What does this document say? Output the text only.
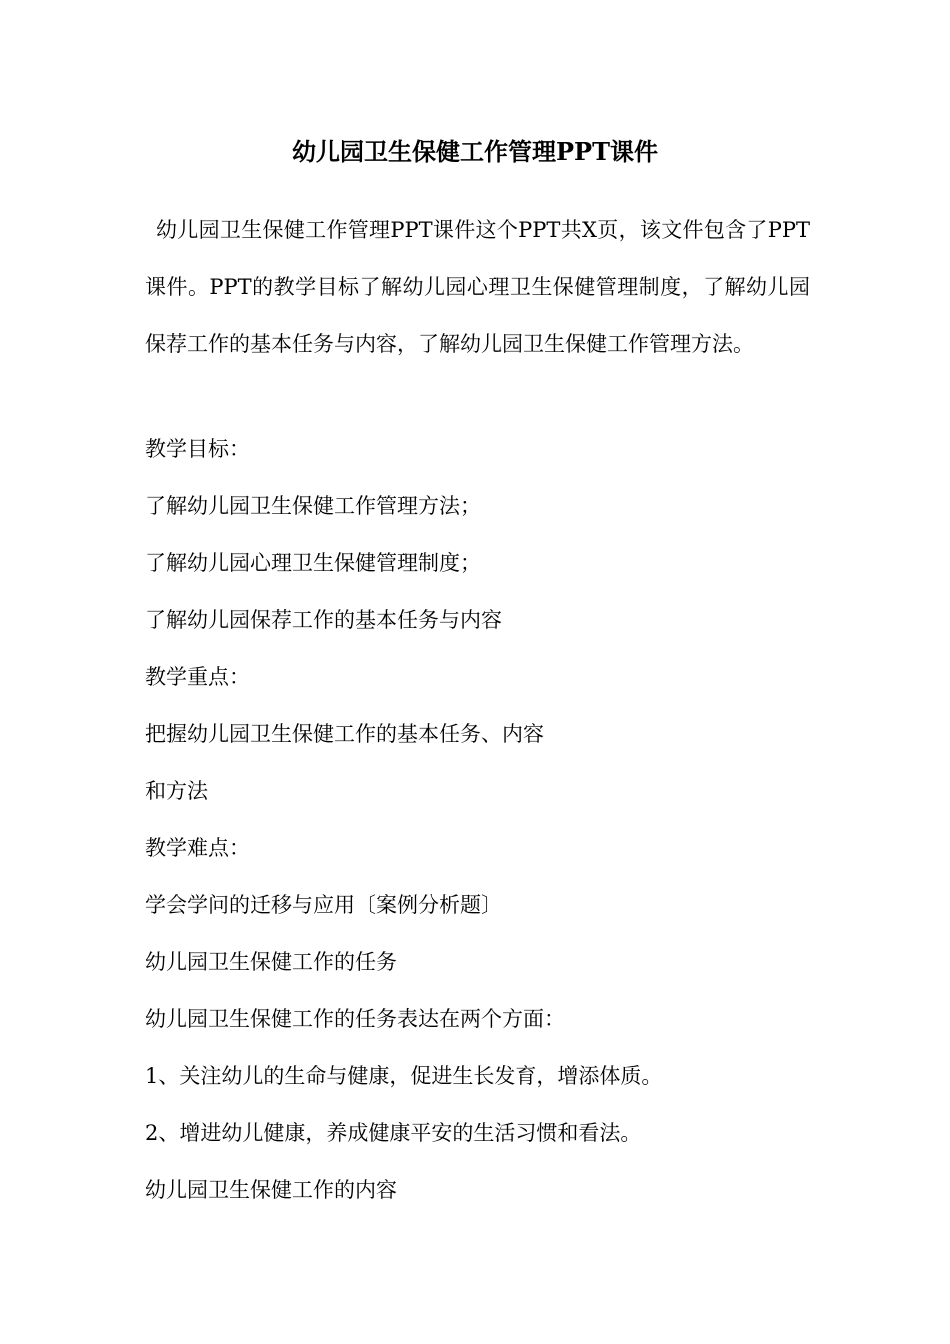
幼儿园卫生保健工作管理PPT课件

幼儿园卫生保健工作管理PPT课件这个PPT共X页，该文件包含了PPT课件。PPT的教学目标了解幼儿园心理卫生保健管理制度，了解幼儿园保荐工作的基本任务与内容，了解幼儿园卫生保健工作管理方法。

教学目标：

了解幼儿园卫生保健工作管理方法；

了解幼儿园心理卫生保健管理制度；

了解幼儿园保荐工作的基本任务与内容

教学重点：

把握幼儿园卫生保健工作的基本任务、内容

和方法

教学难点：

学会学问的迁移与应用〔案例分析题〕

幼儿园卫生保健工作的任务

幼儿园卫生保健工作的任务表达在两个方面：

1、关注幼儿的生命与健康，促进生长发育，增添体质。

2、增进幼儿健康，养成健康平安的生活习惯和看法。

幼儿园卫生保健工作的内容
